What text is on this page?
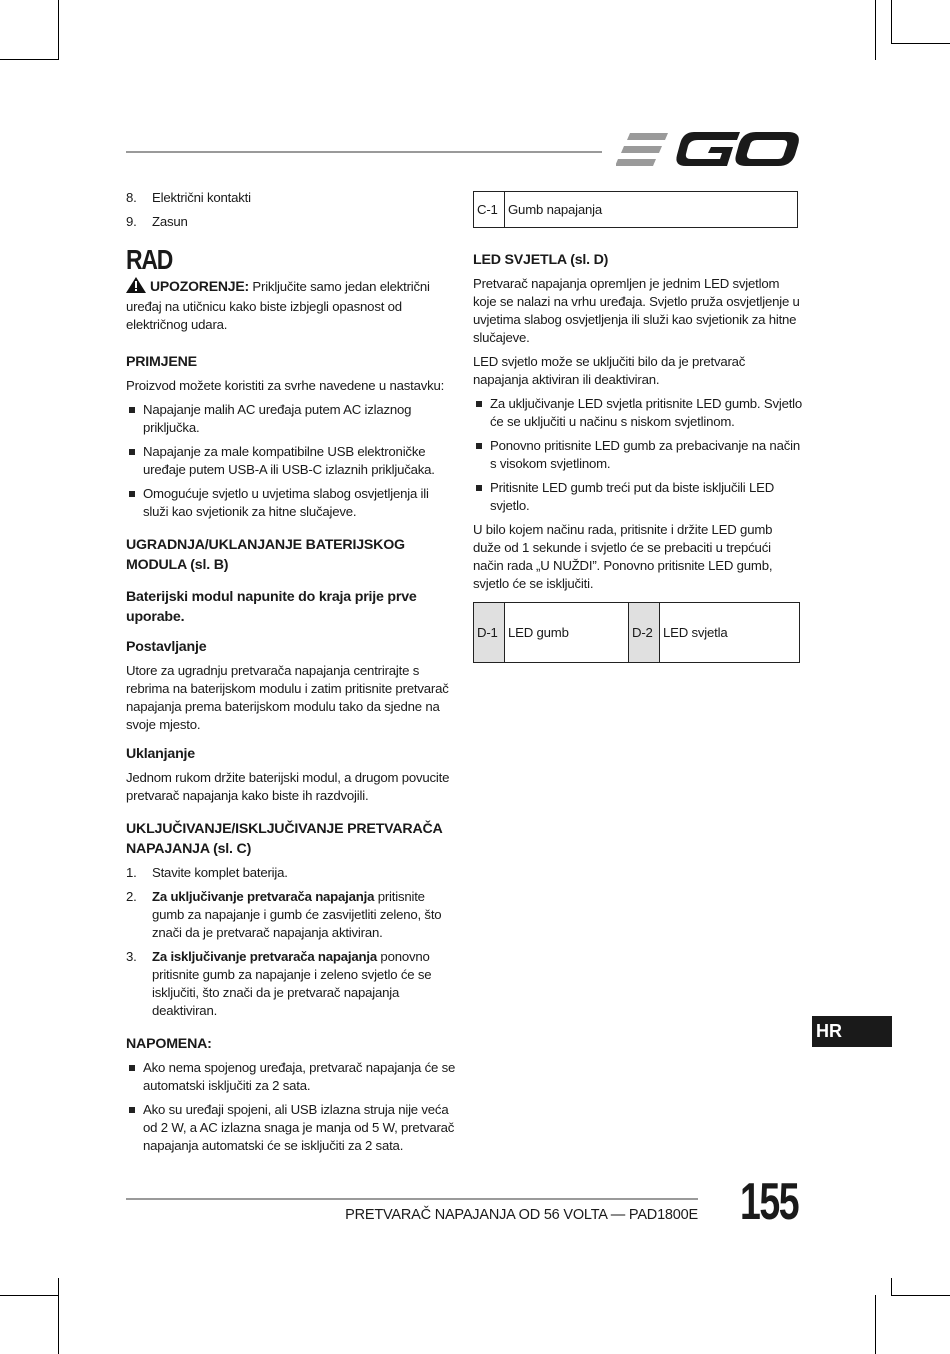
8.	Električni kontakti
9.	Zasun
RAD

UPOZORENJE: Priključite samo jedan električni uređaj na utičnicu kako biste izbjegli opasnost od električnog udara.

PRIMJENE

Proizvod možete koristiti za svrhe navedene u nastavku:

Napajanje malih AC uređaja putem AC izlaznog priključka.
Napajanje za male kompatibilne USB elektroničke uređaje putem USB-A ili USB-C izlaznih priključaka.
Omogućuje svjetlo u uvjetima slabog osvjetljenja ili služi kao svjetionik za hitne slučajeve.
UGRADNJA/UKLANJANJE BATERIJSKOG MODULA (sl. B)
Baterijski modul napunite do kraja prije prve uporabe.
Postavljanje

Utore za ugradnju pretvarača napajanja centrirajte s rebrima na baterijskom modulu i zatim pritisnite pretvarač napajanja prema baterijskom modulu tako da sjedne na svoje mjesto.

Uklanjanje

Jednom rukom držite baterijski modul, a drugom povucite pretvarač napajanja kako biste ih razdvojili.

UKLJUČIVANJE/ISKLJUČIVANJE PRETVARAČA NAPAJANJA (sl. C)
1.	Stavite komplet baterija.
2.	Za uključivanje pretvarača napajanja pritisnite gumb za napajanje i gumb će zasvijetliti zeleno, što znači da je pretvarač napajanja aktiviran.
3.	Za isključivanje pretvarača napajanja ponovno pritisnite gumb za napajanje i zeleno svjetlo će se isključiti, što znači da je pretvarač napajanja deaktiviran.
NAPOMENA:
Ako nema spojenog uređaja, pretvarač napajanja će se automatski isključiti za 2 sata.
Ako su uređaji spojeni, ali USB izlazna struja nije veća od 2 W, a AC izlazna snaga je manja od 5 W, pretvarač napajanja automatski će se isključiti za 2 sata.
C-1	Gumb napajanja
LED SVJETLA (sl. D)

Pretvarač napajanja opremljen je jednim LED svjetlom koje se nalazi na vrhu uređaja. Svjetlo pruža osvjetljenje u uvjetima slabog osvjetljenja ili služi kao svjetionik za hitne slučajeve.

LED svjetlo može se uključiti bilo da je pretvarač napajanja aktiviran ili deaktiviran.

Za uključivanje LED svjetla pritisnite LED gumb. Svjetlo će se uključiti u načinu s niskom svjetlinom.
Ponovno pritisnite LED gumb za prebacivanje na način s visokom svjetlinom.
Pritisnite LED gumb treći put da biste isključili LED svjetlo.

U bilo kojem načinu rada, pritisnite i držite LED gumb duže od 1 sekunde i svjetlo će se prebaciti u trepćući način rada „U NUŽDI”. Ponovno pritisnite LED gumb, svjetlo će se isključiti.

D-1	LED gumb	D-2	LED svjetla
HR
PRETVARAČ NAPAJANJA OD 56 VOLTA — PAD1800E 155
